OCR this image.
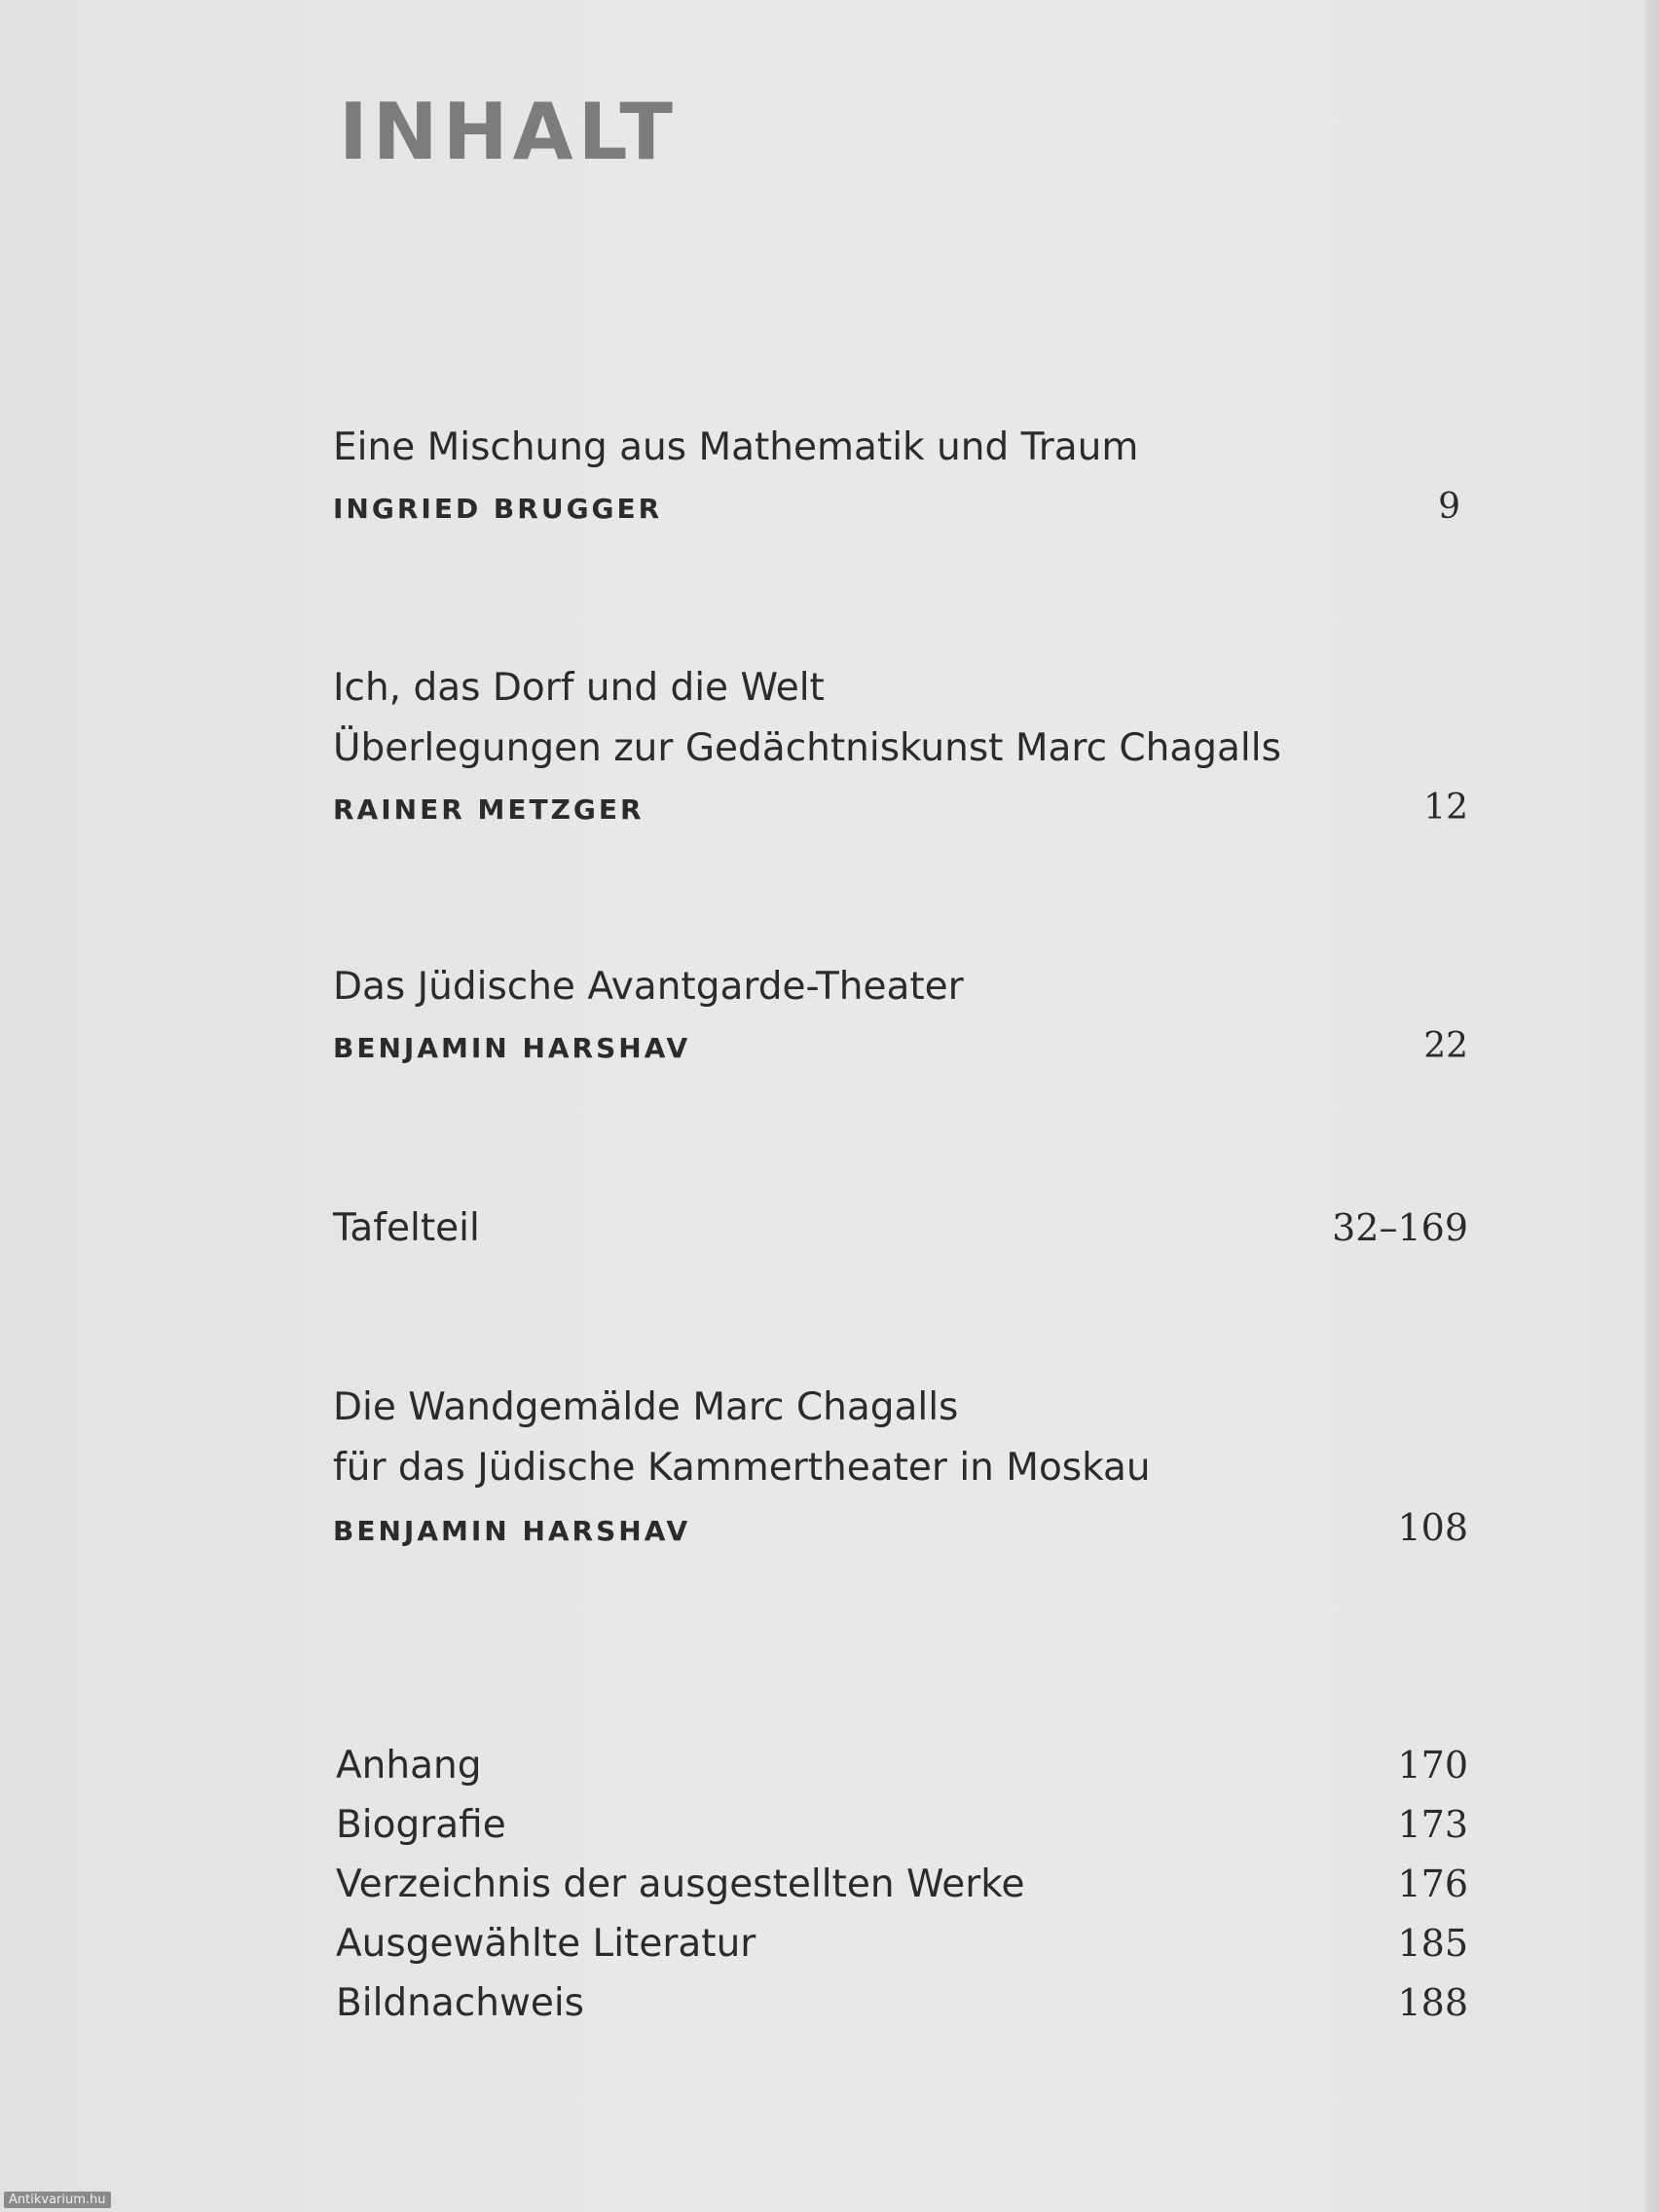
INHALT
Eine Mischung aus Mathematik und Traum
INGRIED BRUGGER	9
Ich, das Dorf und die Welt
Überlegungen zur Gedächtniskunst Marc Chagalls
RAINER METZGER	12
Das Jüdische Avantgarde-Theater
BENJAMIN HARSHAV	22
Tafelteil	32–169
Die Wandgemälde Marc Chagalls
für das Jüdische Kammertheater in Moskau
BENJAMIN HARSHAV	108
Anhang	170
Biografie	173
Verzeichnis der ausgestellten Werke	176
Ausgewählte Literatur	185
Bildnachweis	188
Antikvarium.hu
